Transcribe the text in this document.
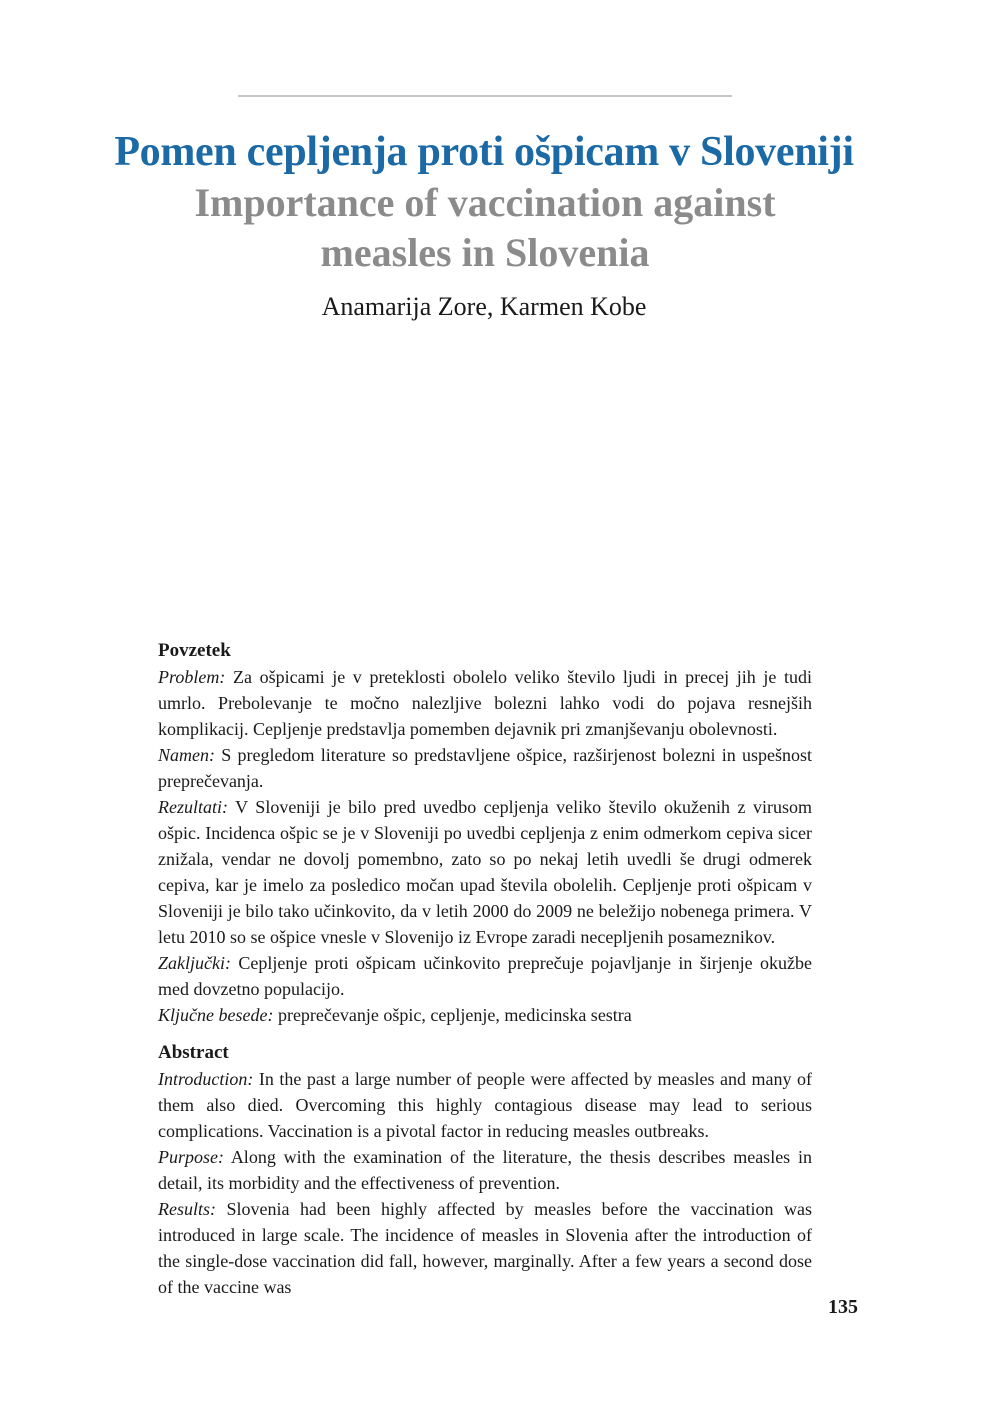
Pomen cepljenja proti ošpicam v Sloveniji
Importance of vaccination against measles in Slovenia
Anamarija Zore, Karmen Kobe
Povzetek

Problem: Za ošpicami je v preteklosti obolelo veliko število ljudi in precej jih je tudi umrlo. Prebolevanje te močno nalezljive bolezni lahko vodi do pojava resnejših komplikacij. Cepljenje predstavlja pomemben dejavnik pri zmanjševanju obolevnosti.

Namen: S pregledom literature so predstavljene ošpice, razširjenost bolezni in uspešnost preprečevanja.

Rezultati: V Sloveniji je bilo pred uvedbo cepljenja veliko število okuženih z virusom ošpic. Incidenca ošpic se je v Sloveniji po uvedbi cepljenja z enim odmerkom cepiva sicer znižala, vendar ne dovolj pomembno, zato so po nekaj letih uvedli še drugi odmerek cepiva, kar je imelo za posledico močan upad števila obolelih. Cepljenje proti ošpicam v Sloveniji je bilo tako učinkovito, da v letih 2000 do 2009 ne beležijo nobenega primera. V letu 2010 so se ošpice vnesle v Slovenijo iz Evrope zaradi necepljenih posameznikov.

Zaključki: Cepljenje proti ošpicam učinkovito preprečuje pojavljanje in širjenje okužbe med dovzetno populacijo.

Ključne besede: preprečevanje ošpic, cepljenje, medicinska sestra

Abstract

Introduction: In the past a large number of people were affected by measles and many of them also died. Overcoming this highly contagious disease may lead to serious complications. Vaccination is a pivotal factor in reducing measles outbreaks.

Purpose: Along with the examination of the literature, the thesis describes measles in detail, its morbidity and the effectiveness of prevention.

Results: Slovenia had been highly affected by measles before the vaccination was introduced in large scale. The incidence of measles in Slovenia after the introduction of the single-dose vaccination did fall, however, marginally. After a few years a second dose of the vaccine was

135
